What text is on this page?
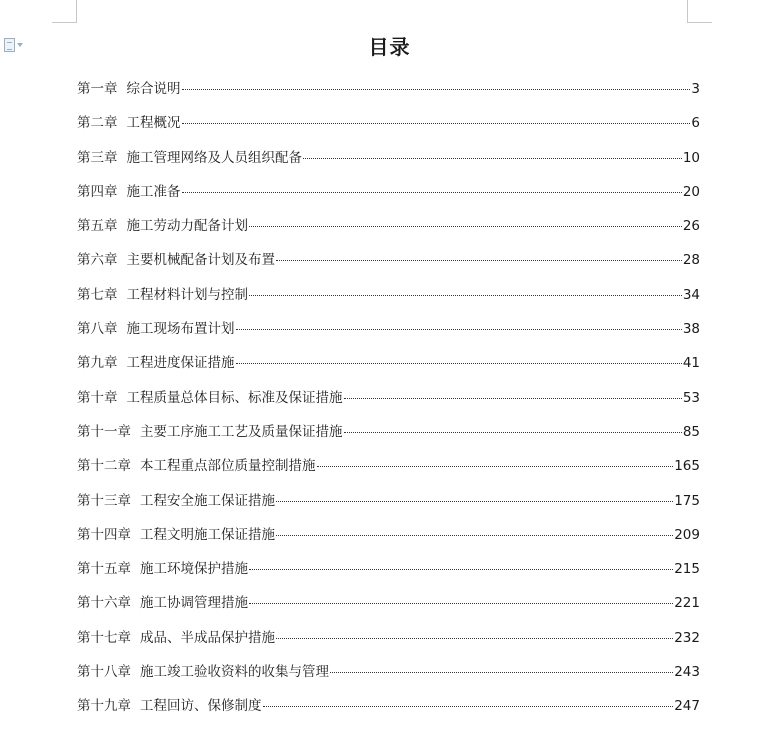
目录
第一章 综合说明	3
第二章 工程概况	6
第三章 施工管理网络及人员组织配备	10
第四章 施工准备	20
第五章 施工劳动力配备计划	26
第六章 主要机械配备计划及布置	28
第七章 工程材料计划与控制	34
第八章 施工现场布置计划	38
第九章 工程进度保证措施	41
第十章 工程质量总体目标、标准及保证措施	53
第十一章 主要工序施工工艺及质量保证措施	85
第十二章 本工程重点部位质量控制措施	165
第十三章 工程安全施工保证措施	175
第十四章 工程文明施工保证措施	209
第十五章 施工环境保护措施	215
第十六章 施工协调管理措施	221
第十七章 成品、半成品保护措施	232
第十八章 施工竣工验收资料的收集与管理	243
第十九章 工程回访、保修制度	247
